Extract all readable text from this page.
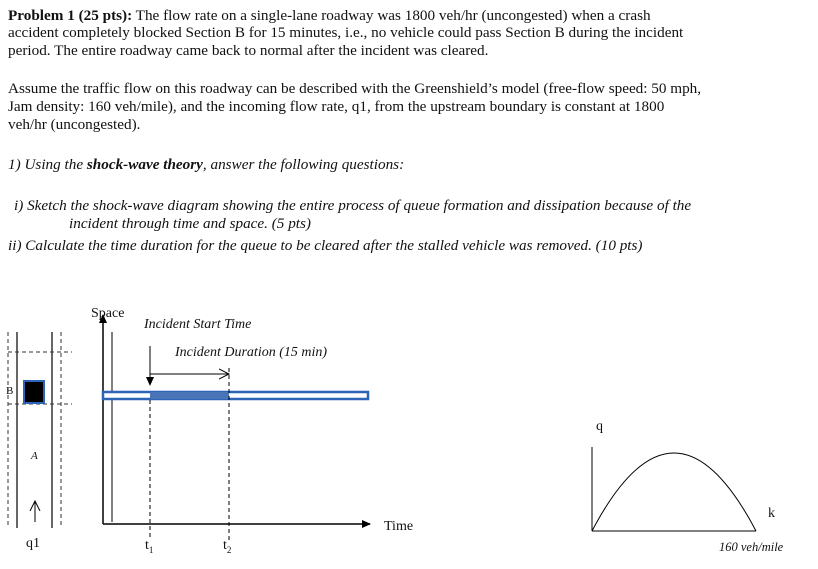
Problem 1 (25 pts): The flow rate on a single-lane roadway was 1800 veh/hr (uncongested) when a crash
accident completely blocked Section B for 15 minutes, i.e., no vehicle could pass Section B during the incident
period. The entire roadway came back to normal after the incident was cleared.
Assume the traffic flow on this roadway can be described with the Greenshield’s model (free-flow speed: 50 mph,
Jam density: 160 veh/mile), and the incoming flow rate, q1, from the upstream boundary is constant at 1800
veh/hr (uncongested).
1) Using the shock-wave theory, answer the following questions:
i) Sketch the shock-wave diagram showing the entire process of queue formation and dissipation because of the
incident through time and space. (5 pts)
ii) Calculate the time duration for the queue to be cleared after the stalled vehicle was removed. (10 pts)
B
A
q1
Space
Incident Start Time
Incident Duration (15 min)
Time
$t_1$	$t_2$
q
k
160 veh/mile
